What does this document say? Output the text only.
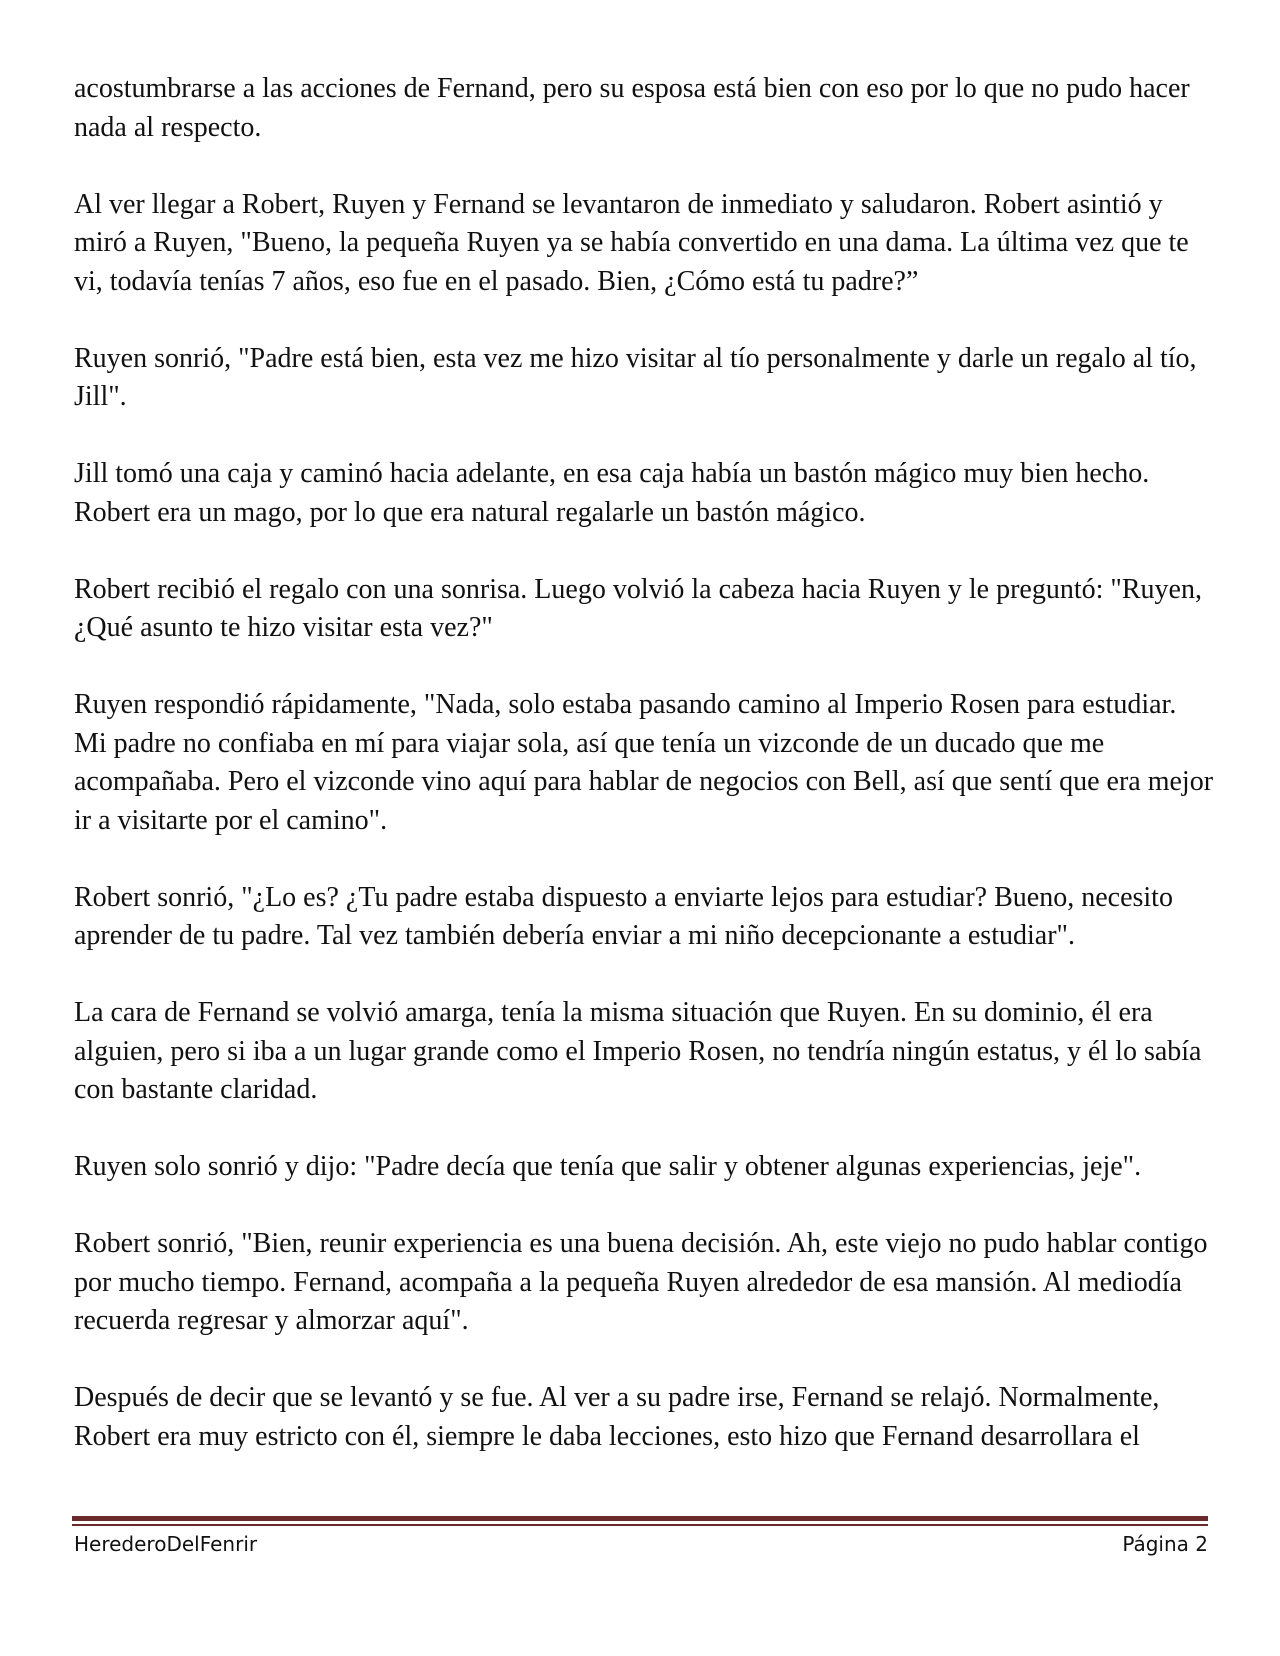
acostumbrarse a las acciones de Fernand, pero su esposa está bien con eso por lo que no pudo hacer nada al respecto.

Al ver llegar a Robert, Ruyen y Fernand se levantaron de inmediato y saludaron. Robert asintió y miró a Ruyen, "Bueno, la pequeña Ruyen ya se había convertido en una dama. La última vez que te vi, todavía tenías 7 años, eso fue en el pasado. Bien, ¿Cómo está tu padre?”

Ruyen sonrió, "Padre está bien, esta vez me hizo visitar al tío personalmente y darle un regalo al tío, Jill".

Jill tomó una caja y caminó hacia adelante, en esa caja había un bastón mágico muy bien hecho. Robert era un mago, por lo que era natural regalarle un bastón mágico.

Robert recibió el regalo con una sonrisa. Luego volvió la cabeza hacia Ruyen y le preguntó: "Ruyen, ¿Qué asunto te hizo visitar esta vez?"

Ruyen respondió rápidamente, "Nada, solo estaba pasando camino al Imperio Rosen para estudiar. Mi padre no confiaba en mí para viajar sola, así que tenía un vizconde de un ducado que me acompañaba. Pero el vizconde vino aquí para hablar de negocios con Bell, así que sentí que era mejor ir a visitarte por el camino".

Robert sonrió, "¿Lo es? ¿Tu padre estaba dispuesto a enviarte lejos para estudiar? Bueno, necesito aprender de tu padre. Tal vez también debería enviar a mi niño decepcionante a estudiar".

La cara de Fernand se volvió amarga, tenía la misma situación que Ruyen. En su dominio, él era alguien, pero si iba a un lugar grande como el Imperio Rosen, no tendría ningún estatus, y él lo sabía con bastante claridad.

Ruyen solo sonrió y dijo: "Padre decía que tenía que salir y obtener algunas experiencias, jeje".

Robert sonrió, "Bien, reunir experiencia es una buena decisión. Ah, este viejo no pudo hablar contigo por mucho tiempo. Fernand, acompaña a la pequeña Ruyen alrededor de esa mansión. Al mediodía recuerda regresar y almorzar aquí".

Después de decir que se levantó y se fue. Al ver a su padre irse, Fernand se relajó. Normalmente, Robert era muy estricto con él, siempre le daba lecciones, esto hizo que Fernand desarrollara el

HerederoDelFenrir	Página 2
